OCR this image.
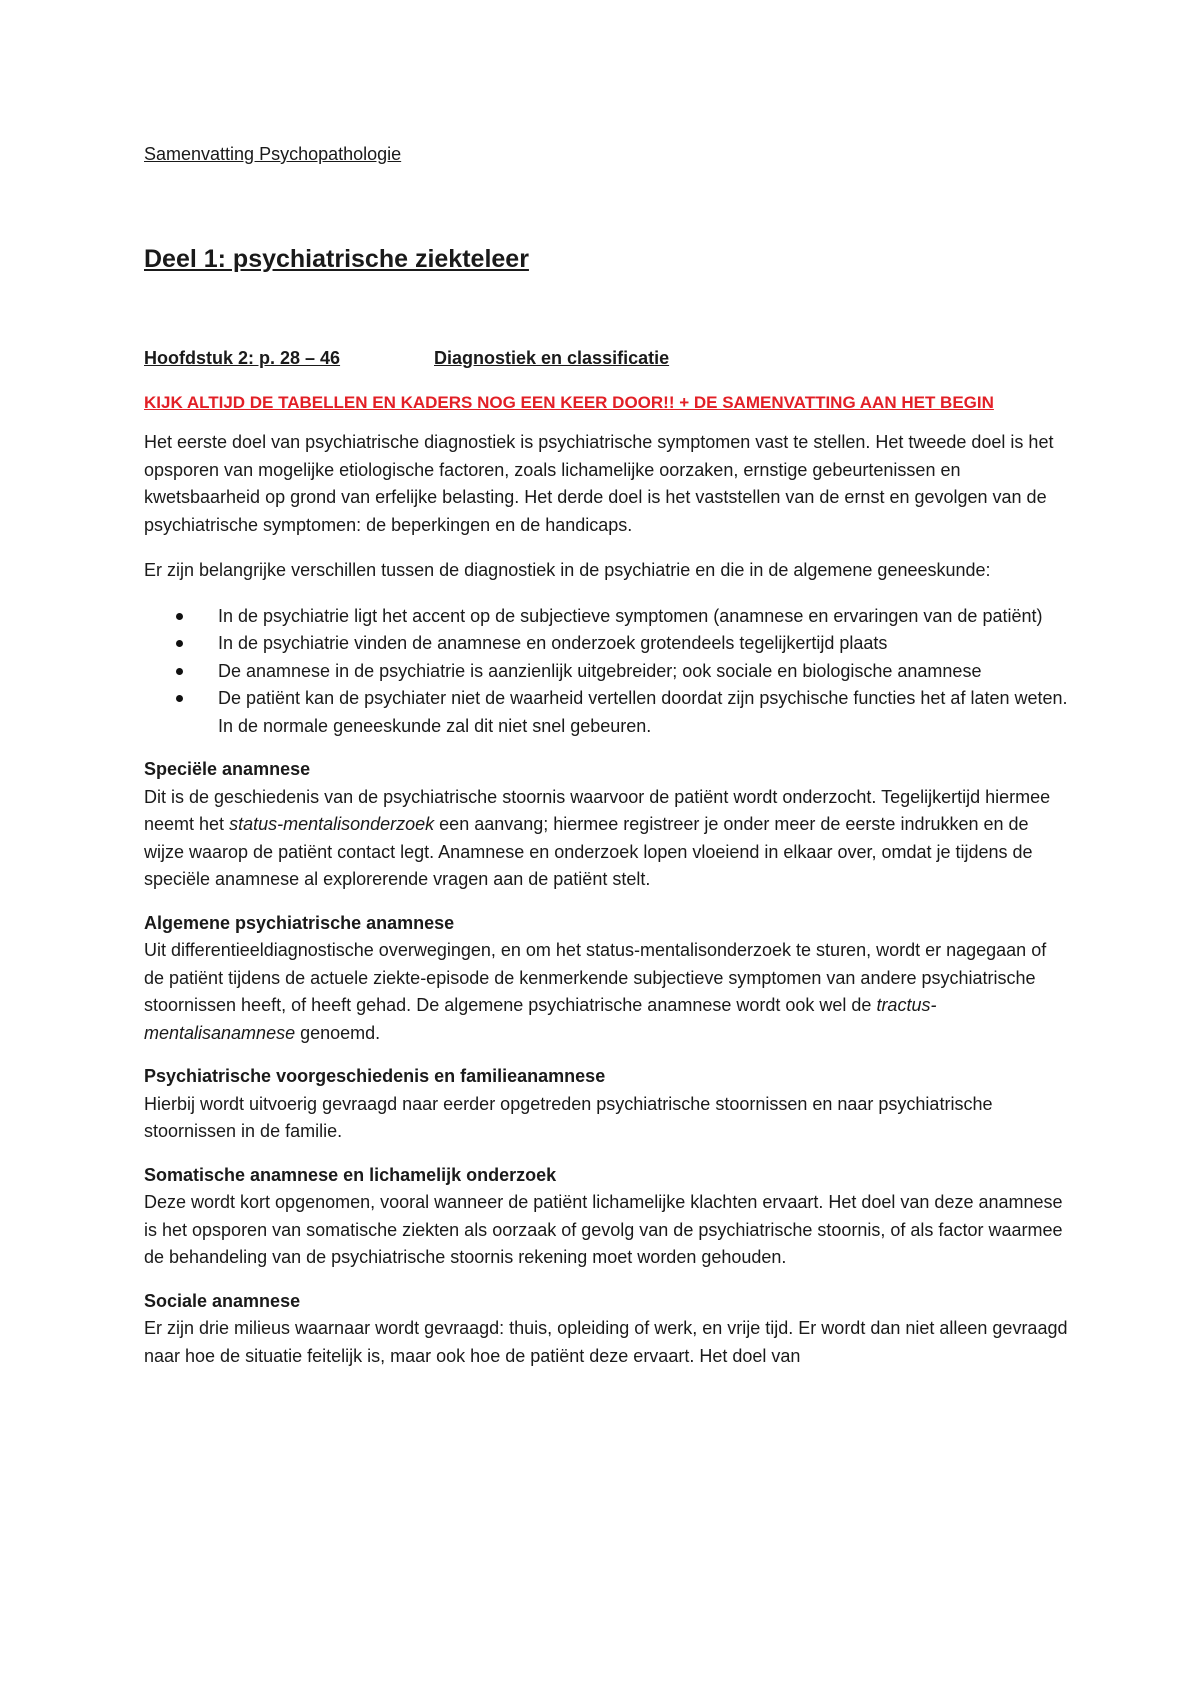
Samenvatting Psychopathologie
Deel 1: psychiatrische ziekteleer
Hoofdstuk 2: p. 28 – 46	Diagnostiek en classificatie
KIJK ALTIJD DE TABELLEN EN KADERS NOG EEN KEER DOOR!! + DE SAMENVATTING AAN HET BEGIN

Het eerste doel van psychiatrische diagnostiek is psychiatrische symptomen vast te stellen. Het tweede doel is het opsporen van mogelijke etiologische factoren, zoals lichamelijke oorzaken, ernstige gebeurtenissen en kwetsbaarheid op grond van erfelijke belasting. Het derde doel is het vaststellen van de ernst en gevolgen van de psychiatrische symptomen: de beperkingen en de handicaps.

Er zijn belangrijke verschillen tussen de diagnostiek in de psychiatrie en die in de algemene geneeskunde:

In de psychiatrie ligt het accent op de subjectieve symptomen (anamnese en ervaringen van de patiënt)
In de psychiatrie vinden de anamnese en onderzoek grotendeels tegelijkertijd plaats
De anamnese in de psychiatrie is aanzienlijk uitgebreider; ook sociale en biologische anamnese
De patiënt kan de psychiater niet de waarheid vertellen doordat zijn psychische functies het af laten weten. In de normale geneeskunde zal dit niet snel gebeuren.
Speciële anamnese

Dit is de geschiedenis van de psychiatrische stoornis waarvoor de patiënt wordt onderzocht. Tegelijkertijd hiermee neemt het status-mentalisonderzoek een aanvang; hiermee registreer je onder meer de eerste indrukken en de wijze waarop de patiënt contact legt. Anamnese en onderzoek lopen vloeiend in elkaar over, omdat je tijdens de speciële anamnese al explorerende vragen aan de patiënt stelt.

Algemene psychiatrische anamnese

Uit differentieeldiagnostische overwegingen, en om het status-mentalisonderzoek te sturen, wordt er nagegaan of de patiënt tijdens de actuele ziekte-episode de kenmerkende subjectieve symptomen van andere psychiatrische stoornissen heeft, of heeft gehad. De algemene psychiatrische anamnese wordt ook wel de tractus-mentalisanamnese genoemd.

Psychiatrische voorgeschiedenis en familieanamnese

Hierbij wordt uitvoerig gevraagd naar eerder opgetreden psychiatrische stoornissen en naar psychiatrische stoornissen in de familie.

Somatische anamnese en lichamelijk onderzoek

Deze wordt kort opgenomen, vooral wanneer de patiënt lichamelijke klachten ervaart. Het doel van deze anamnese is het opsporen van somatische ziekten als oorzaak of gevolg van de psychiatrische stoornis, of als factor waarmee de behandeling van de psychiatrische stoornis rekening moet worden gehouden.

Sociale anamnese

Er zijn drie milieus waarnaar wordt gevraagd: thuis, opleiding of werk, en vrije tijd. Er wordt dan niet alleen gevraagd naar hoe de situatie feitelijk is, maar ook hoe de patiënt deze ervaart. Het doel van
